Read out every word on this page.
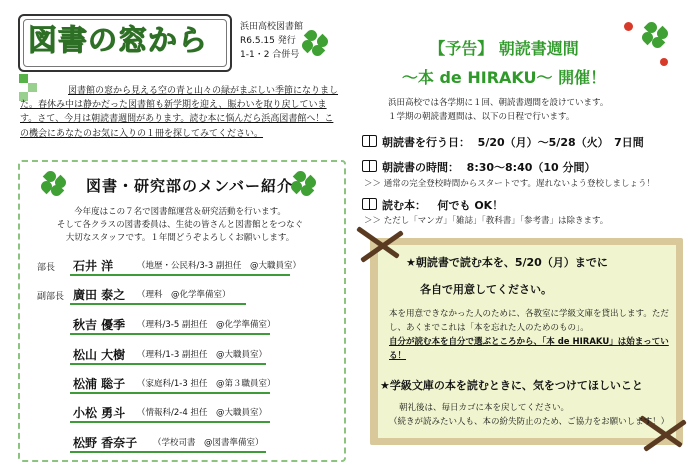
図書の窓から	浜田高校図書館
R6.5.15 発行
1-1・2 合併号
図書館の窓から見える空の青と山々の緑がまぶしい季節になりました。春休み中は静かだった図書館も新学期を迎え、賑わいを取り戻しています。さて、今月は朝読書週間があります。読む本に悩んだら浜高図書館へ！この機会にあなたのお気に入りの１冊を探してみてください。
図書・研究部のメンバー紹介
今年度はこの７名で図書館運営＆研究活動を行います。
そして各クラスの図書委員は、生徒の皆さんと図書館とをつなぐ
大切なスタッフです。１年間どうぞよろしくお願いします。
部長 石井 洋	（地歴・公民科/3-3 副担任　@大職員室）
副部長 廣田 泰之 （理科　@化学準備室）
秋吉 優季 （理科/3-5 副担任　@化学準備室）
松山 大樹 （理科/1-3 副担任　@大職員室）
松浦 聡子 （家庭科/1-3 担任　@第３職員室）
小松 勇斗 （情報科/2-4 担任　@大職員室）
松野 香奈子 （学校司書　@図書準備室）
【予告】 朝読書週間
〜本 de HIRAKU〜 開催！
浜田高校では各学期に１回、朝読書週間を設けています。
１学期の朝読書週間は、以下の日程で行います。
朝読書を行う日： 5/20（月）〜5/28（火）　7日間
朝読書の時間： 8:30〜8:40（10 分間）
＞＞ 通常の完全登校時間からスタートです。遅れないよう登校しましょう！
読む本： 何でも OK！
＞＞ ただし「マンガ」「雑誌」「教科書」「参考書」は除きます。
★朝読書で読む本を、5/20（月）までに
各自で用意してください。
本を用意できなかった人のために、各教室に学級文庫を貸出します。ただし、あくまでこれは「本を忘れた人のためのもの」。
自分が読む本を自分で選ぶところから、「本 de HIRAKU」は始まっている！
★学級文庫の本を読むときに、気をつけてほしいこと
朝礼後は、毎日カゴに本を戻してください。
（続きが読みたい人も、本の紛失防止のため、ご協力をお願いします！）
